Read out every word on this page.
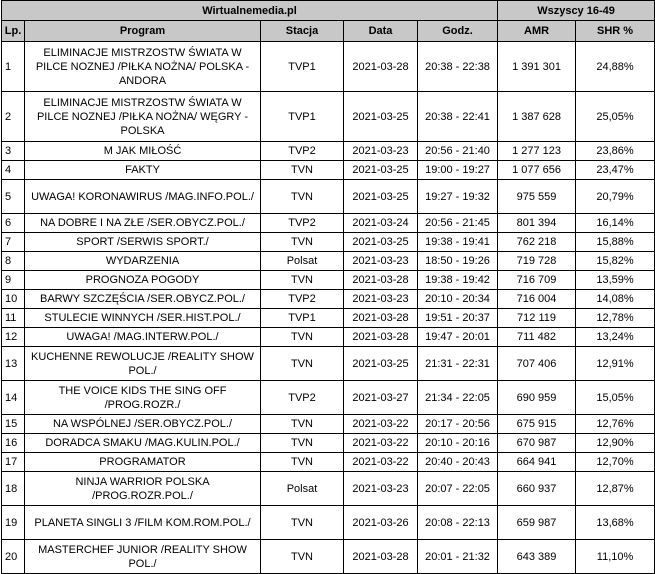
Wirtualnemedia.pl					Wszyscy 16-49	
Lp.	Program	Stacja	Data	Godz.	AMR	SHR %
1	ELIMINACJE MISTRZOSTW ŚWIATA W PILCE NOZNEJ /PIŁKA NOŻNA/ POLSKA - ANDORA	TVP1	2021-03-28	20:38 - 22:38	1 391 301	24,88%
2	ELIMINACJE MISTRZOSTW ŚWIATA W PILCE NOZNEJ /PIŁKA NOŻNA/ WĘGRY - POLSKA	TVP1	2021-03-25	20:38 - 22:41	1 387 628	25,05%
3	M JAK MIŁOŚĆ	TVP2	2021-03-23	20:56 - 21:40	1 277 123	23,86%
4	FAKTY	TVN	2021-03-25	19:00 - 19:27	1 077 656	23,47%
5	UWAGA! KORONAWIRUS /MAG.INFO.POL./	TVN	2021-03-25	19:27 - 19:32	975 559	20,79%
6	NA DOBRE I NA ZŁE /SER.OBYCZ.POL./	TVP2	2021-03-24	20:56 - 21:45	801 394	16,14%
7	SPORT /SERWIS SPORT./	TVN	2021-03-25	19:38 - 19:41	762 218	15,88%
8	WYDARZENIA	Polsat	2021-03-23	18:50 - 19:26	719 728	15,82%
9	PROGNOZA POGODY	TVN	2021-03-28	19:38 - 19:42	716 709	13,59%
10	BARWY SZCZĘŚCIA /SER.OBYCZ.POL./	TVP2	2021-03-23	20:10 - 20:34	716 004	14,08%
11	STULECIE WINNYCH /SER.HIST.POL./	TVP1	2021-03-28	19:51 - 20:37	712 119	12,78%
12	UWAGA! /MAG.INTERW.POL./	TVN	2021-03-28	19:47 - 20:01	711 482	13,24%
13	KUCHENNE REWOLUCJE /REALITY SHOW POL./	TVN	2021-03-25	21:31 - 22:31	707 406	12,91%
14	THE VOICE KIDS THE SING OFF /PROG.ROZR./	TVP2	2021-03-27	21:34 - 22:05	690 959	15,05%
15	NA WSPÓLNEJ /SER.OBYCZ.POL./	TVN	2021-03-22	20:17 - 20:56	675 915	12,76%
16	DORADCA SMAKU /MAG.KULIN.POL./	TVN	2021-03-22	20:10 - 20:16	670 987	12,90%
17	PROGRAMATOR	TVN	2021-03-22	20:40 - 20:43	664 941	12,70%
18	NINJA WARRIOR POLSKA /PROG.ROZR.POL./	Polsat	2021-03-23	20:07 - 22:05	660 937	12,87%
19	PLANETA SINGLI 3 /FILM KOM.ROM.POL./	TVN	2021-03-26	20:08 - 22:13	659 987	13,68%
20	MASTERCHEF JUNIOR /REALITY SHOW POL./	TVN	2021-03-28	20:01 - 21:32	643 389	11,10%
